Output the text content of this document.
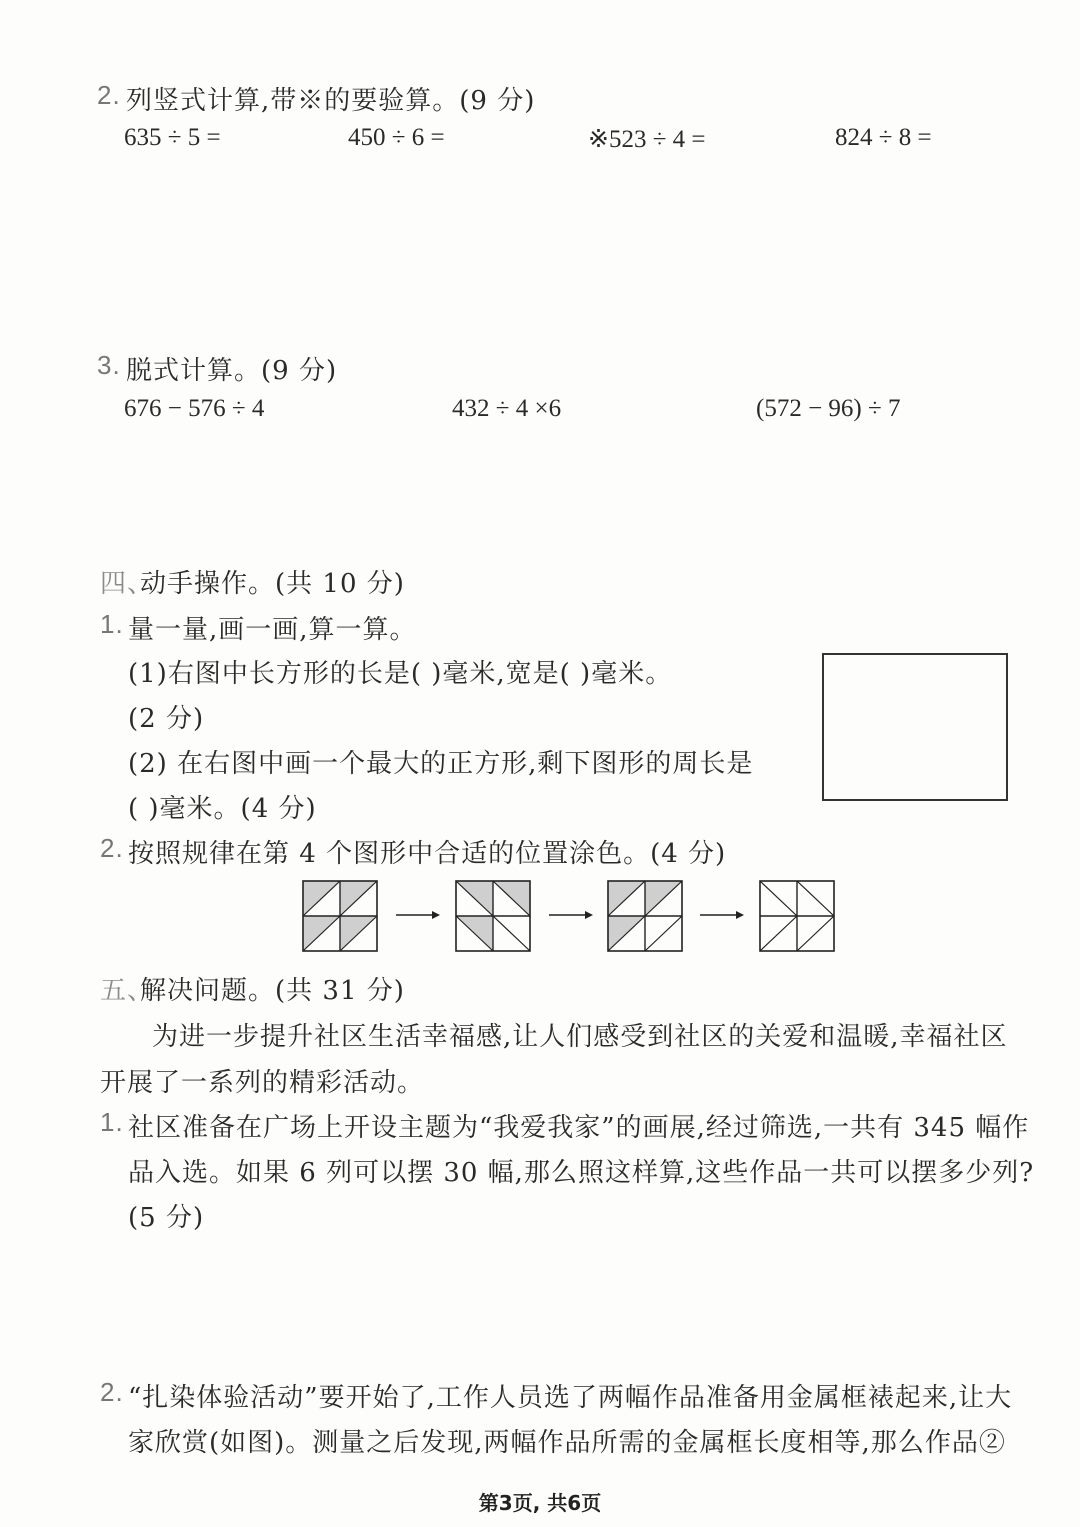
2. 列竖式计算,带※的要验算。(9 分)
635 ÷ 5 =	450 ÷ 6 =	※523 ÷ 4 =	824 ÷ 8 =
3. 脱式计算。(9 分)
676 − 576 ÷ 4	432 ÷ 4 ×6	(572 − 96) ÷ 7
四、
动手操作。(共 10 分)
1. 量一量,画一画,算一算。
(1)右图中长方形的长是( )毫米,宽是( )毫米。
(2 分)
(2) 在右图中画一个最大的正方形,剩下图形的周长是
( )毫米。(4 分)
2. 按照规律在第 4 个图形中合适的位置涂色。(4 分)
五、
解决问题。(共 31 分)
为进一步提升社区生活幸福感,让人们感受到社区的关爱和温暖,幸福社区
开展了一系列的精彩活动。
1. 社区准备在广场上开设主题为“我爱我家”的画展,经过筛选,一共有 345 幅作
品入选。如果 6 列可以摆 30 幅,那么照这样算,这些作品一共可以摆多少列?
(5 分)
2. “扎染体验活动”要开始了,工作人员选了两幅作品准备用金属框裱起来,让大
家欣赏(如图)。测量之后发现,两幅作品所需的金属框长度相等,那么作品②
第3页, 共6页
